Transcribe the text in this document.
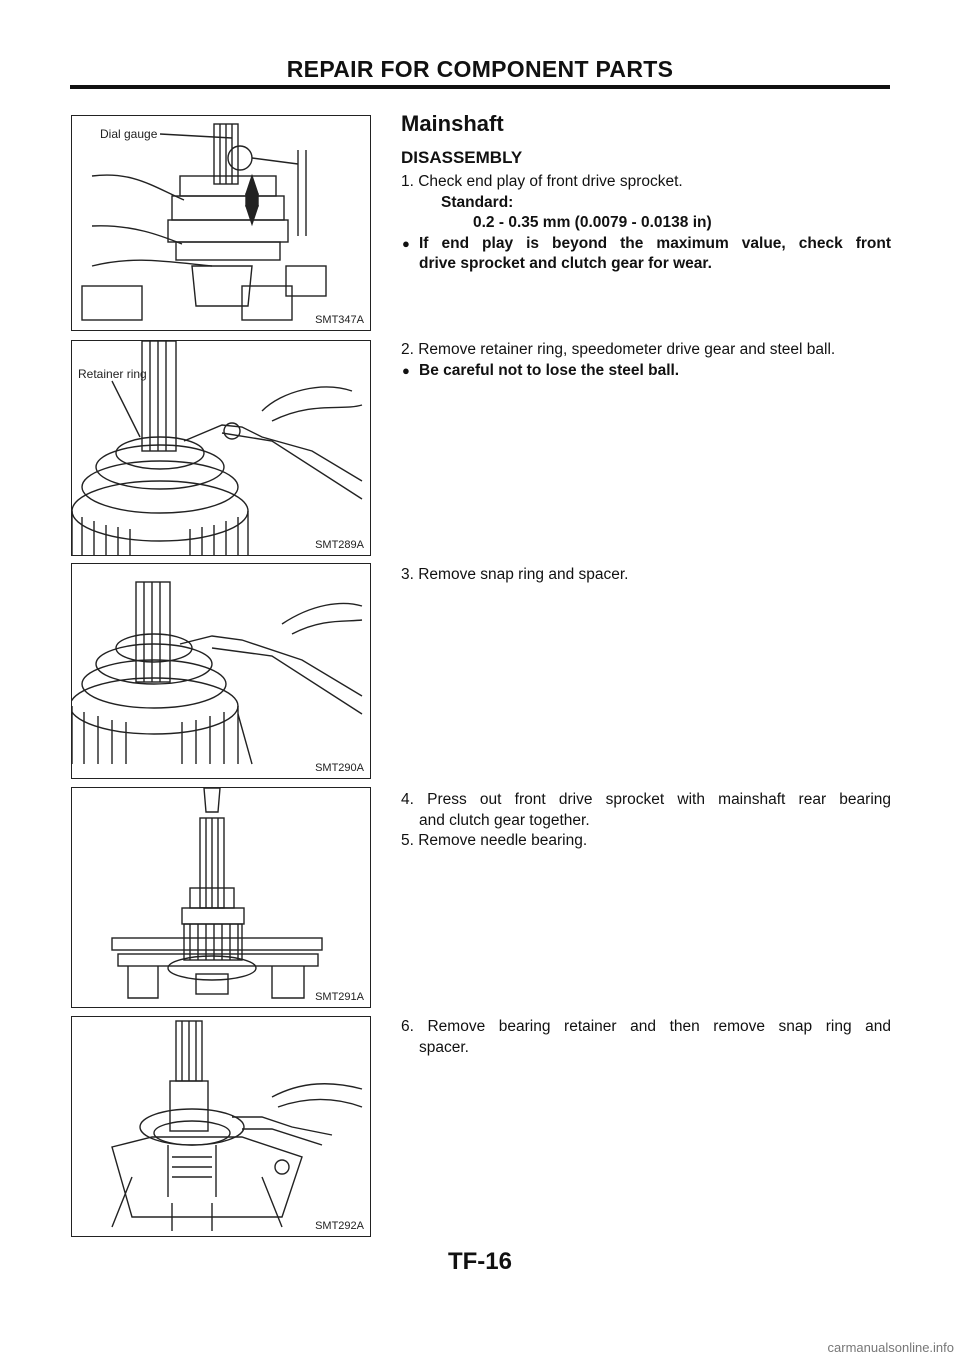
REPAIR FOR COMPONENT PARTS
Dial gauge
SMT347A
Retainer ring
SMT289A
SMT290A
SMT291A
SMT292A
Mainshaft
DISASSEMBLY
1. Check end play of front drive sprocket.
Standard:
0.2 - 0.35 mm (0.0079 - 0.0138 in)
● If end play is beyond the maximum value, check front
drive sprocket and clutch gear for wear.
2. Remove retainer ring, speedometer drive gear and steel ball.
● Be careful not to lose the steel ball.
3. Remove snap ring and spacer.
4. Press out front drive sprocket with mainshaft rear bearing
and clutch gear together.
5. Remove needle bearing.
6. Remove bearing retainer and then remove snap ring and
spacer.
TF-16
carmanualsonline.info
